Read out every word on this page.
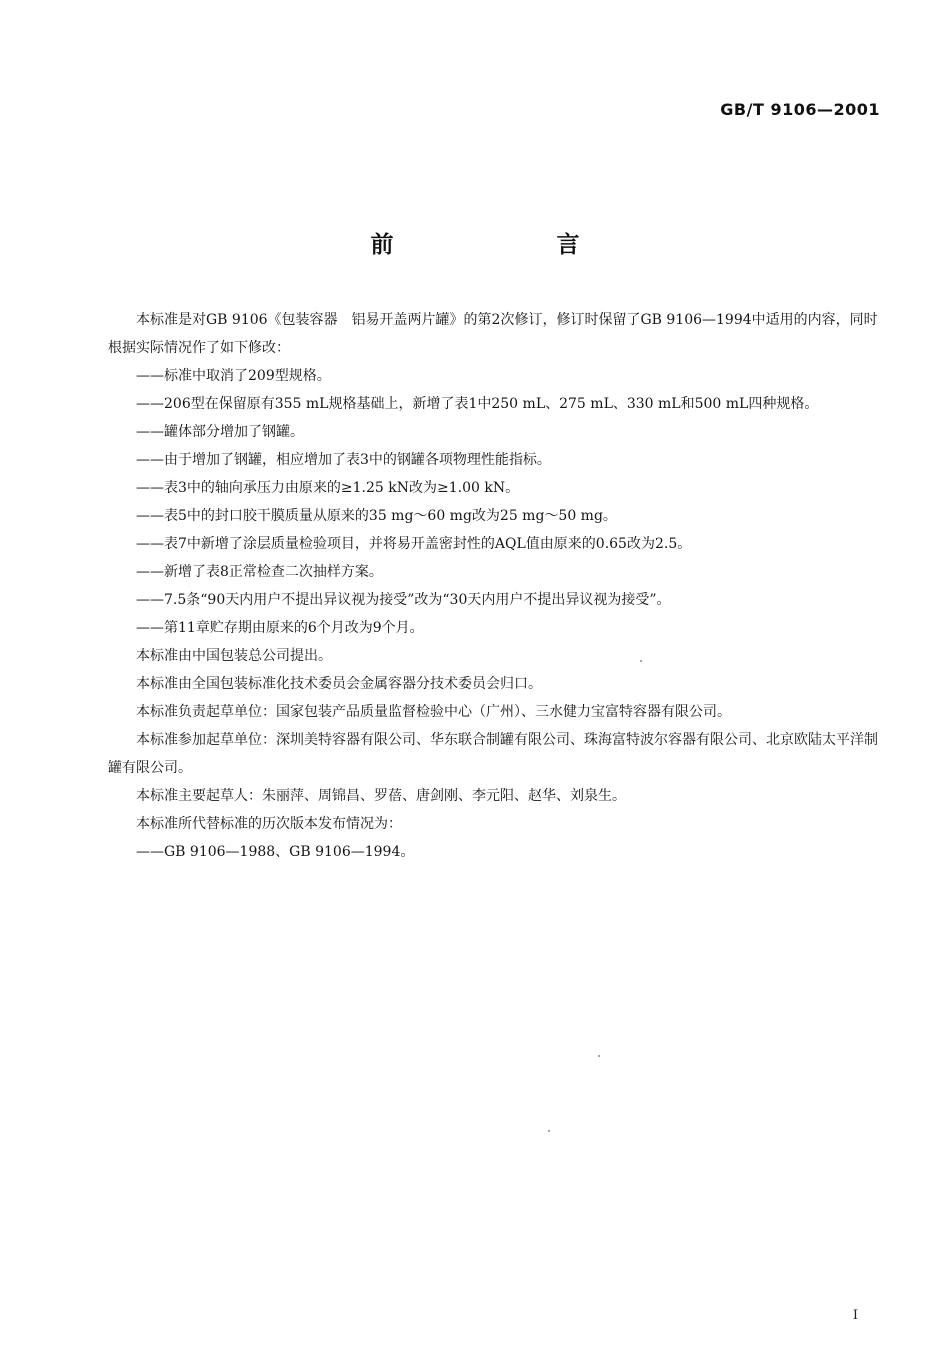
GB/T 9106—2001
前　言

本标准是对GB 9106《包装容器　铝易开盖两片罐》的第2次修订，修订时保留了GB 9106—1994中适用的内容，同时根据实际情况作了如下修改：

——标准中取消了209型规格。

——206型在保留原有355 mL规格基础上，新增了表1中250 mL、275 mL、330 mL和500 mL四种规格。

——罐体部分增加了钢罐。

——由于增加了钢罐，相应增加了表3中的钢罐各项物理性能指标。

——表3中的轴向承压力由原来的≥1.25 kN改为≥1.00 kN。

——表5中的封口胶干膜质量从原来的35 mg～60 mg改为25 mg～50 mg。

——表7中新增了涂层质量检验项目，并将易开盖密封性的AQL值由原来的0.65改为2.5。

——新增了表8正常检查二次抽样方案。

——7.5条“90天内用户不提出异议视为接受”改为“30天内用户不提出异议视为接受”。

——第11章贮存期由原来的6个月改为9个月。

本标准由中国包装总公司提出。

本标准由全国包装标准化技术委员会金属容器分技术委员会归口。

本标准负责起草单位：国家包装产品质量监督检验中心（广州）、三水健力宝富特容器有限公司。

本标准参加起草单位：深圳美特容器有限公司、华东联合制罐有限公司、珠海富特波尔容器有限公司、北京欧陆太平洋制罐有限公司。

本标准主要起草人：朱丽萍、周锦昌、罗蓓、唐剑刚、李元阳、赵华、刘泉生。

本标准所代替标准的历次版本发布情况为：

——GB 9106—1988、GB 9106—1994。

I
